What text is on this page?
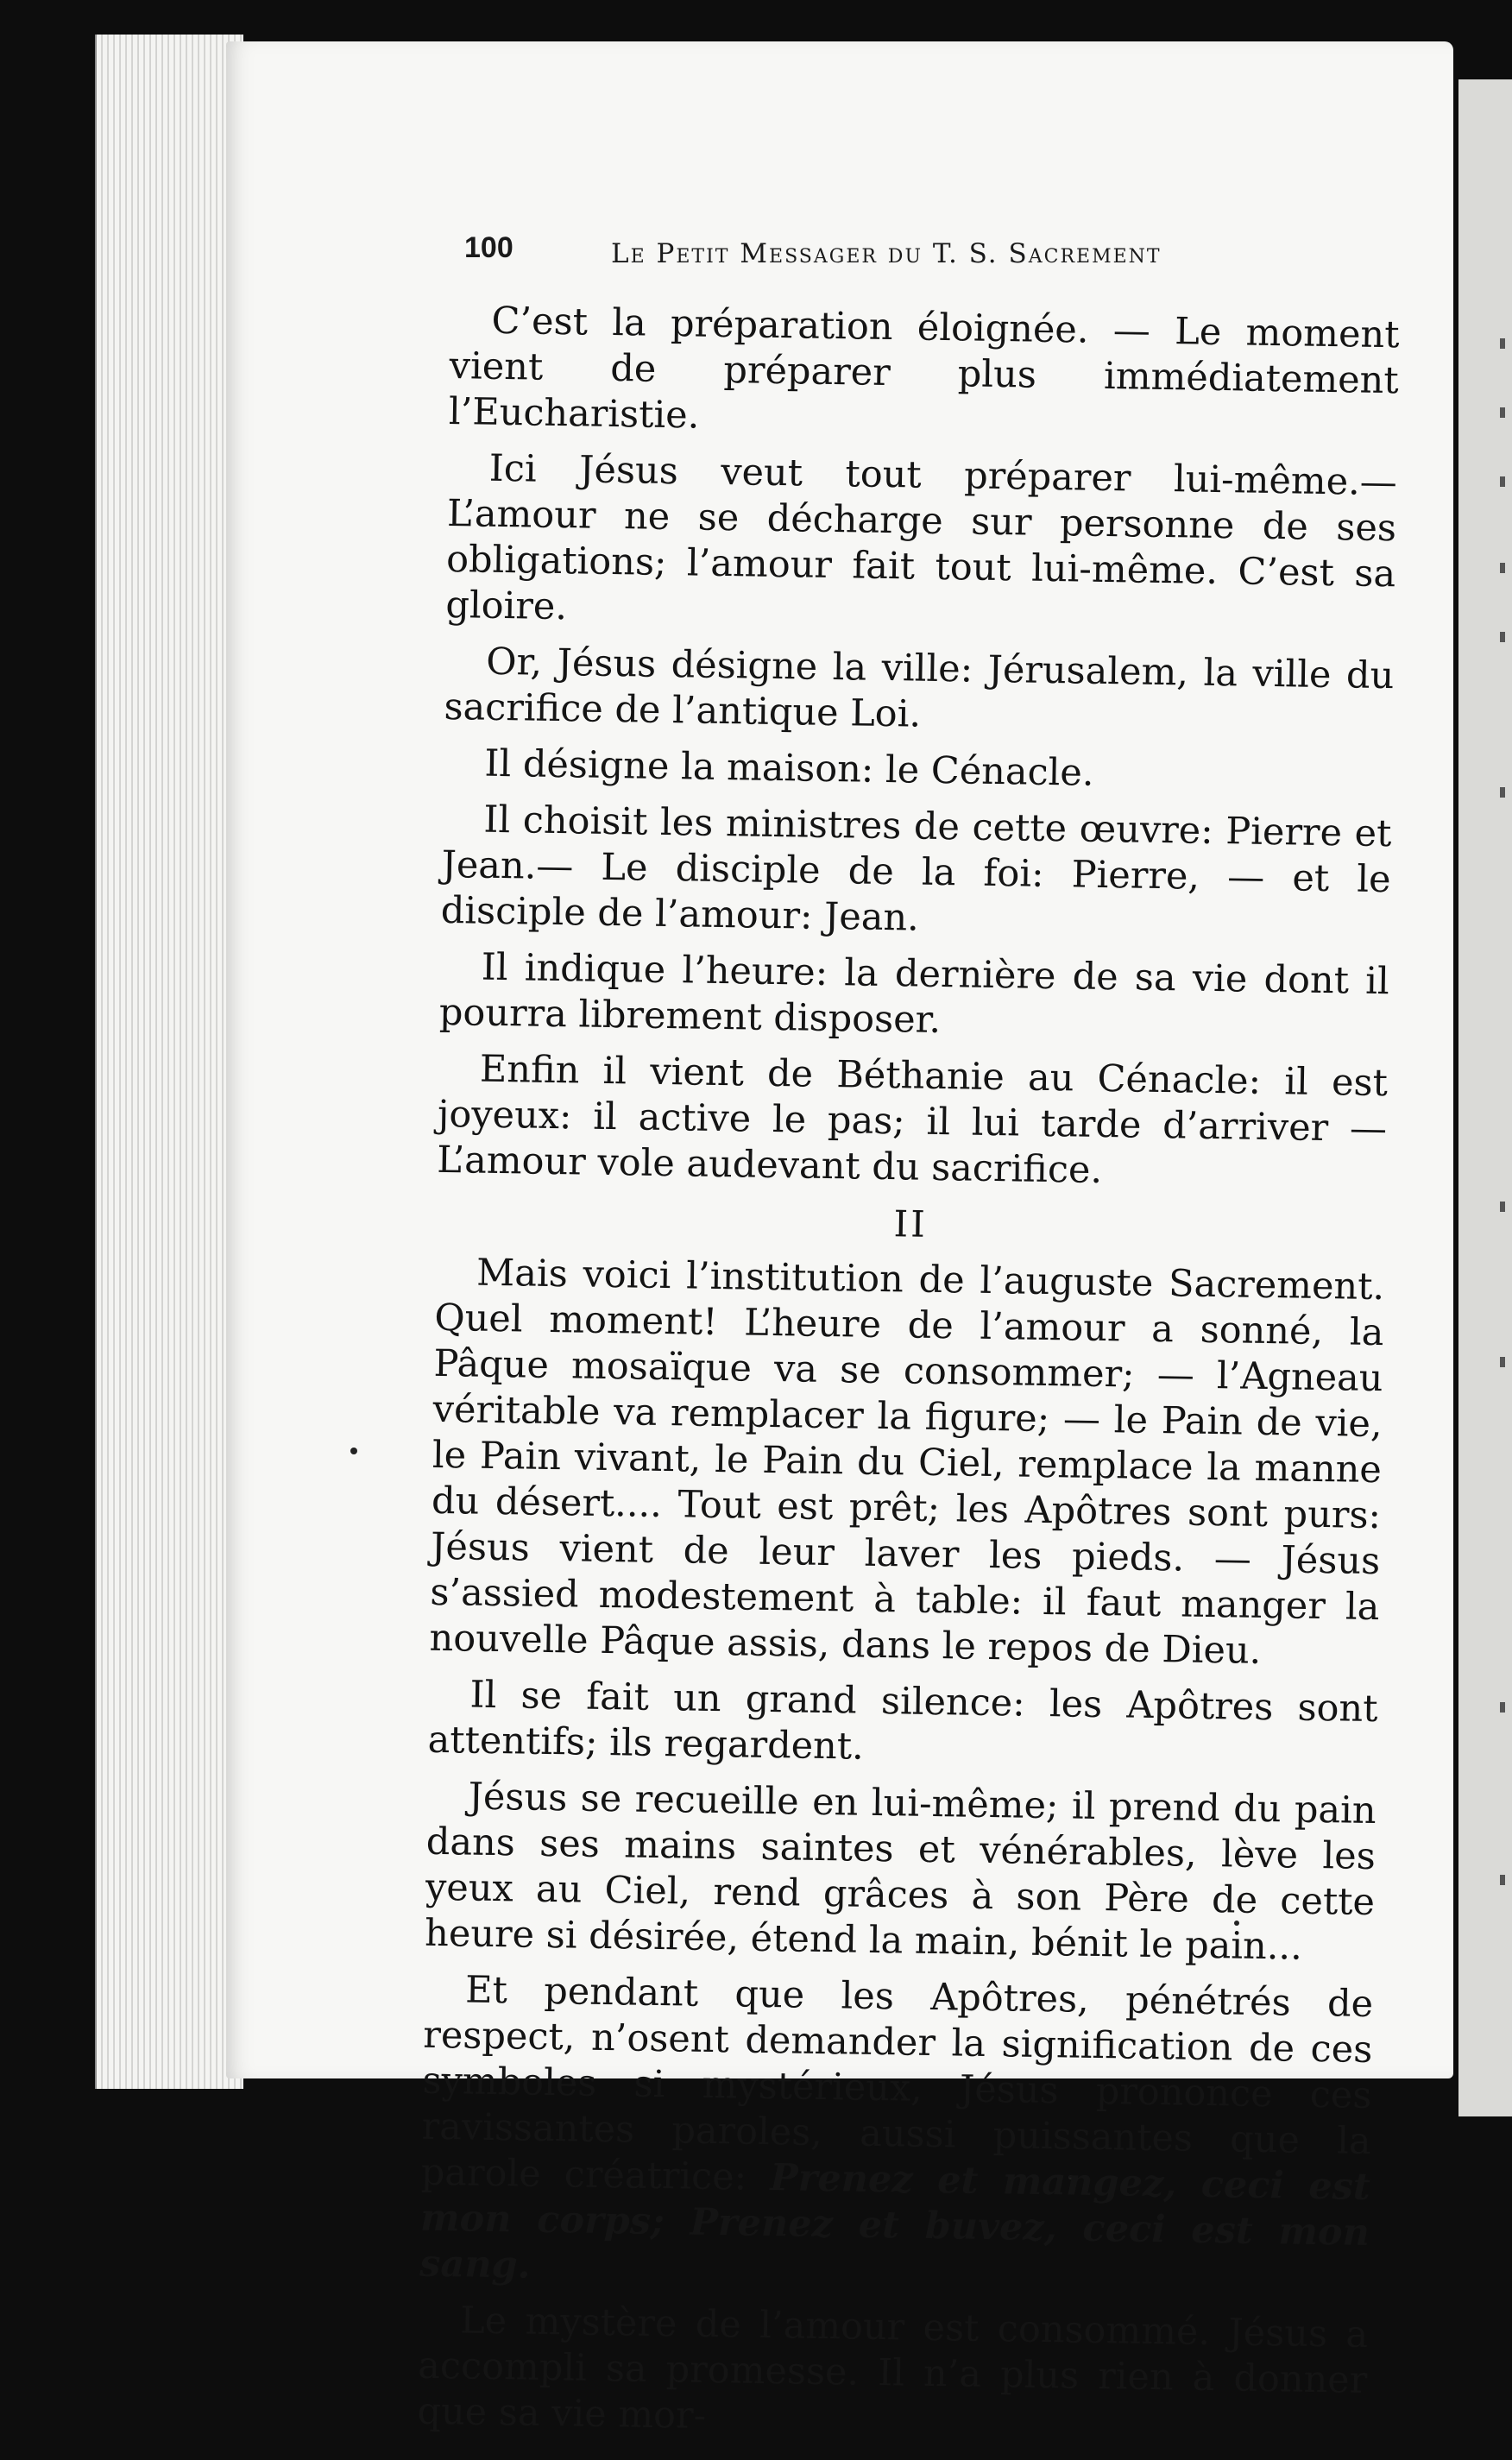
100	Le Petit Messager du T. S. Sacrement

C’est la préparation éloignée. — Le moment vient de préparer plus immédiatement l’Eucharistie.

Ici Jésus veut tout préparer lui-même.— L’amour ne se décharge sur personne de ses obligations; l’amour fait tout lui-même. C’est sa gloire.

Or, Jésus désigne la ville: Jérusalem, la ville du sacrifice de l’antique Loi.

Il désigne la maison: le Cénacle.

Il choisit les ministres de cette œuvre: Pierre et Jean.— Le disciple de la foi: Pierre, — et le disciple de l’amour: Jean.

Il indique l’heure: la dernière de sa vie dont il pourra librement disposer.

Enfin il vient de Béthanie au Cénacle: il est joyeux: il active le pas; il lui tarde d’arriver — L’amour vole audevant du sacrifice.

II

Mais voici l’institution de l’auguste Sacrement. Quel moment! L’heure de l’amour a sonné, la Pâque mosaïque va se consommer; — l’Agneau véritable va remplacer la figure; — le Pain de vie, le Pain vivant, le Pain du Ciel, remplace la manne du désert.... Tout est prêt; les Apôtres sont purs: Jésus vient de leur laver les pieds. — Jésus s’assied modestement à table: il faut manger la nouvelle Pâque assis, dans le repos de Dieu.

Il se fait un grand silence: les Apôtres sont attentifs; ils regardent.

Jésus se recueille en lui-même; il prend du pain dans ses mains saintes et vénérables, lève les yeux au Ciel, rend grâces à son Père de cette heure si désirée, étend la main, bénit le pain...

Et pendant que les Apôtres, pénétrés de respect, n’osent demander la signification de ces symboles si mystérieux, Jésus prononce ces ravissantes paroles, aussi puissantes que la parole créatrice: Prenez et mangez, ceci est mon corps; Prenez et buvez, ceci est mon sang.

Le mystère de l’amour est consommé. Jésus a accompli sa promesse. Il n’a plus rien à donner que sa vie mor-
